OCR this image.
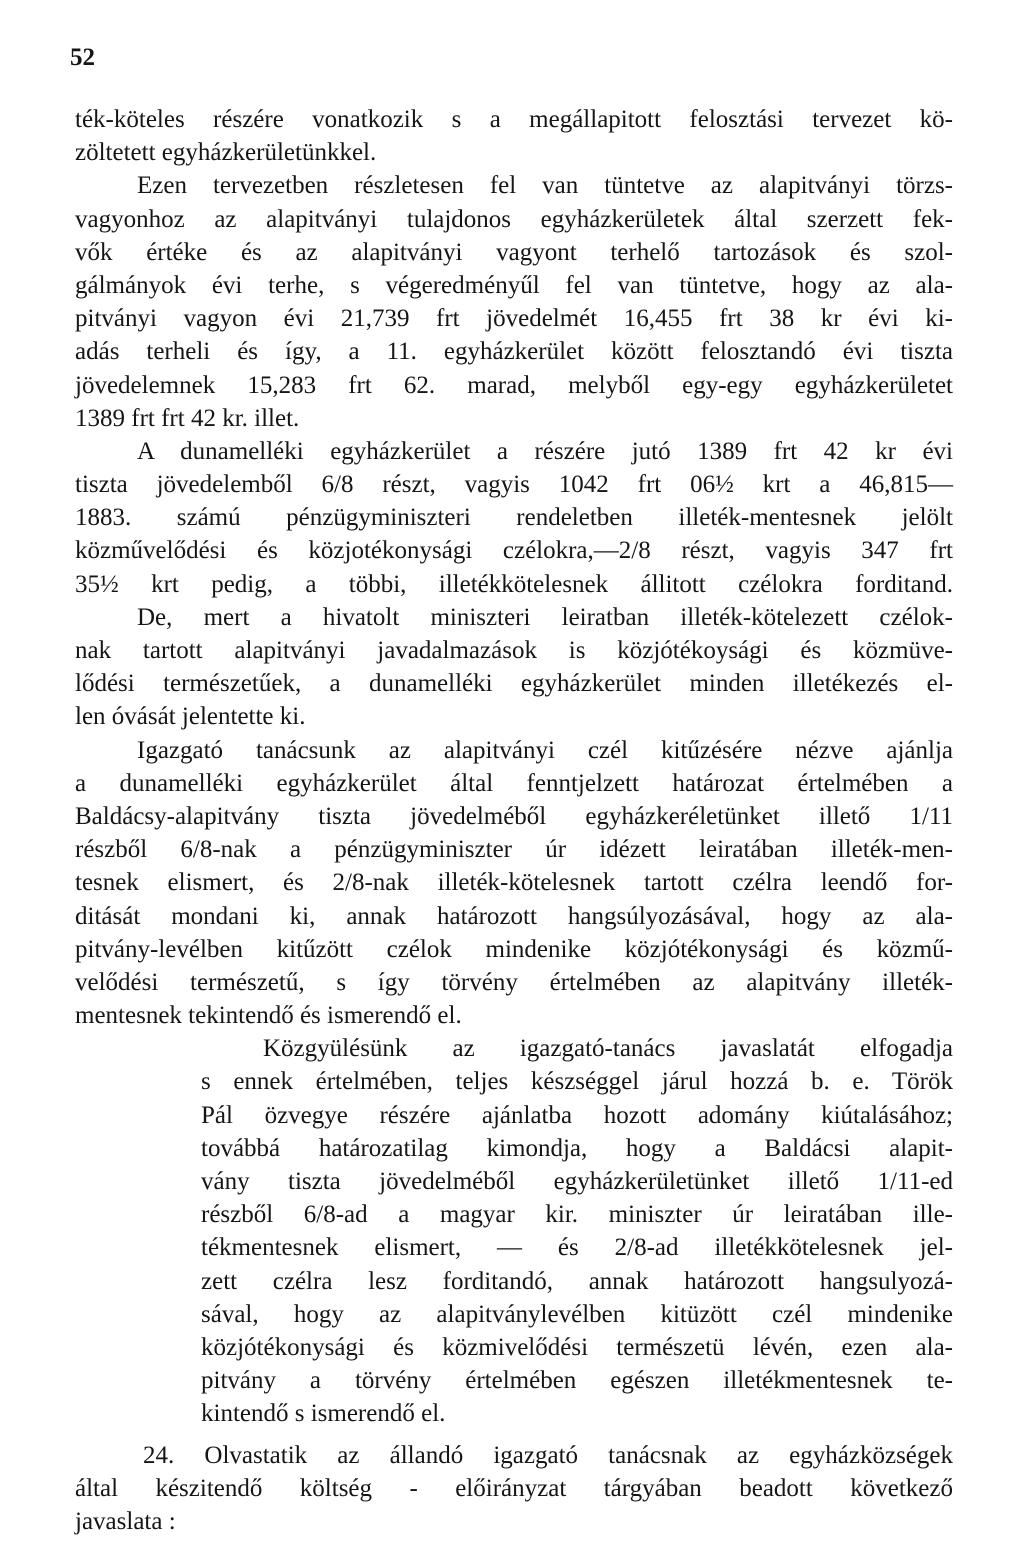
52
ték-köteles részére vonatkozik s a megállapitott felosztási tervezet kö-
zöltetett egyházkerületünkkel.
Ezen tervezetben részletesen fel van tüntetve az alapitványi törzs-
vagyonhoz az alapitványi tulajdonos egyházkerületek által szerzett fek-
vők értéke és az alapitványi vagyont terhelő tartozások és szol-
gálmányok évi terhe, s végeredményűl fel van tüntetve, hogy az ala-
pitványi vagyon évi 21,739 frt jövedelmét 16,455 frt 38 kr évi ki-
adás terheli és így, a 11. egyházkerület között felosztandó évi tiszta
jövedelemnek 15,283 frt 62. marad, melyből egy-egy egyházkerületet
1389 frt frt 42 kr. illet.
A dunamelléki egyházkerület a részére jutó 1389 frt 42 kr évi
tiszta jövedelemből 6/8 részt, vagyis 1042 frt 06½ krt a 46,815—
1883. számú pénzügyminiszteri rendeletben illeték-mentesnek jelölt
közművelődési és közjotékonysági czélokra,—2/8 részt, vagyis 347 frt
35½ krt pedig, a többi, illetékkötelesnek állitott czélokra forditand.
De, mert a hivatolt miniszteri leiratban illeték-kötelezett czélok-
nak tartott alapitványi javadalmazások is közjótékoysági és közmüve-
lődési természetűek, a dunamelléki egyházkerület minden illetékezés el-
len óvását jelentette ki.
Igazgató tanácsunk az alapitványi czél kitűzésére nézve ajánlja
a dunamelléki egyházkerület által fenntjelzett határozat értelmében a
Baldácsy-alapitvány tiszta jövedelméből egyházkeréletünket illető 1/11
részből 6/8-nak a pénzügyminiszter úr idézett leiratában illeték-men-
tesnek elismert, és 2/8-nak illeték-kötelesnek tartott czélra leendő for-
ditását mondani ki, annak határozott hangsúlyozásával, hogy az ala-
pitvány-levélben kitűzött czélok mindenike közjótékonysági és közmű-
velődési természetű, s így törvény értelmében az alapitvány illeték-
mentesnek tekintendő és ismerendő el.
Közgyülésünk az igazgató-tanács javaslatát elfogadja
s ennek értelmében, teljes készséggel járul hozzá b. e. Török
Pál özvegye részére ajánlatba hozott adomány kiútalásához;
továbbá határozatilag kimondja, hogy a Baldácsi alapit-
vány tiszta jövedelméből egyházkerületünket illető 1/11-ed
részből 6/8-ad a magyar kir. miniszter úr leiratában ille-
tékmentesnek elismert, — és 2/8-ad illetékkötelesnek jel-
zett czélra lesz forditandó, annak határozott hangsulyozá-
sával, hogy az alapitványlevélben kitüzött czél mindenike
közjótékonysági és közmivelődési természetü lévén, ezen ala-
pitvány a törvény értelmében egészen illetékmentesnek te-
kintendő s ismerendő el.
24. Olvastatik az állandó igazgató tanácsnak az egyházközségek
által készitendő költség - előirányzat tárgyában beadott következő
javaslata :
